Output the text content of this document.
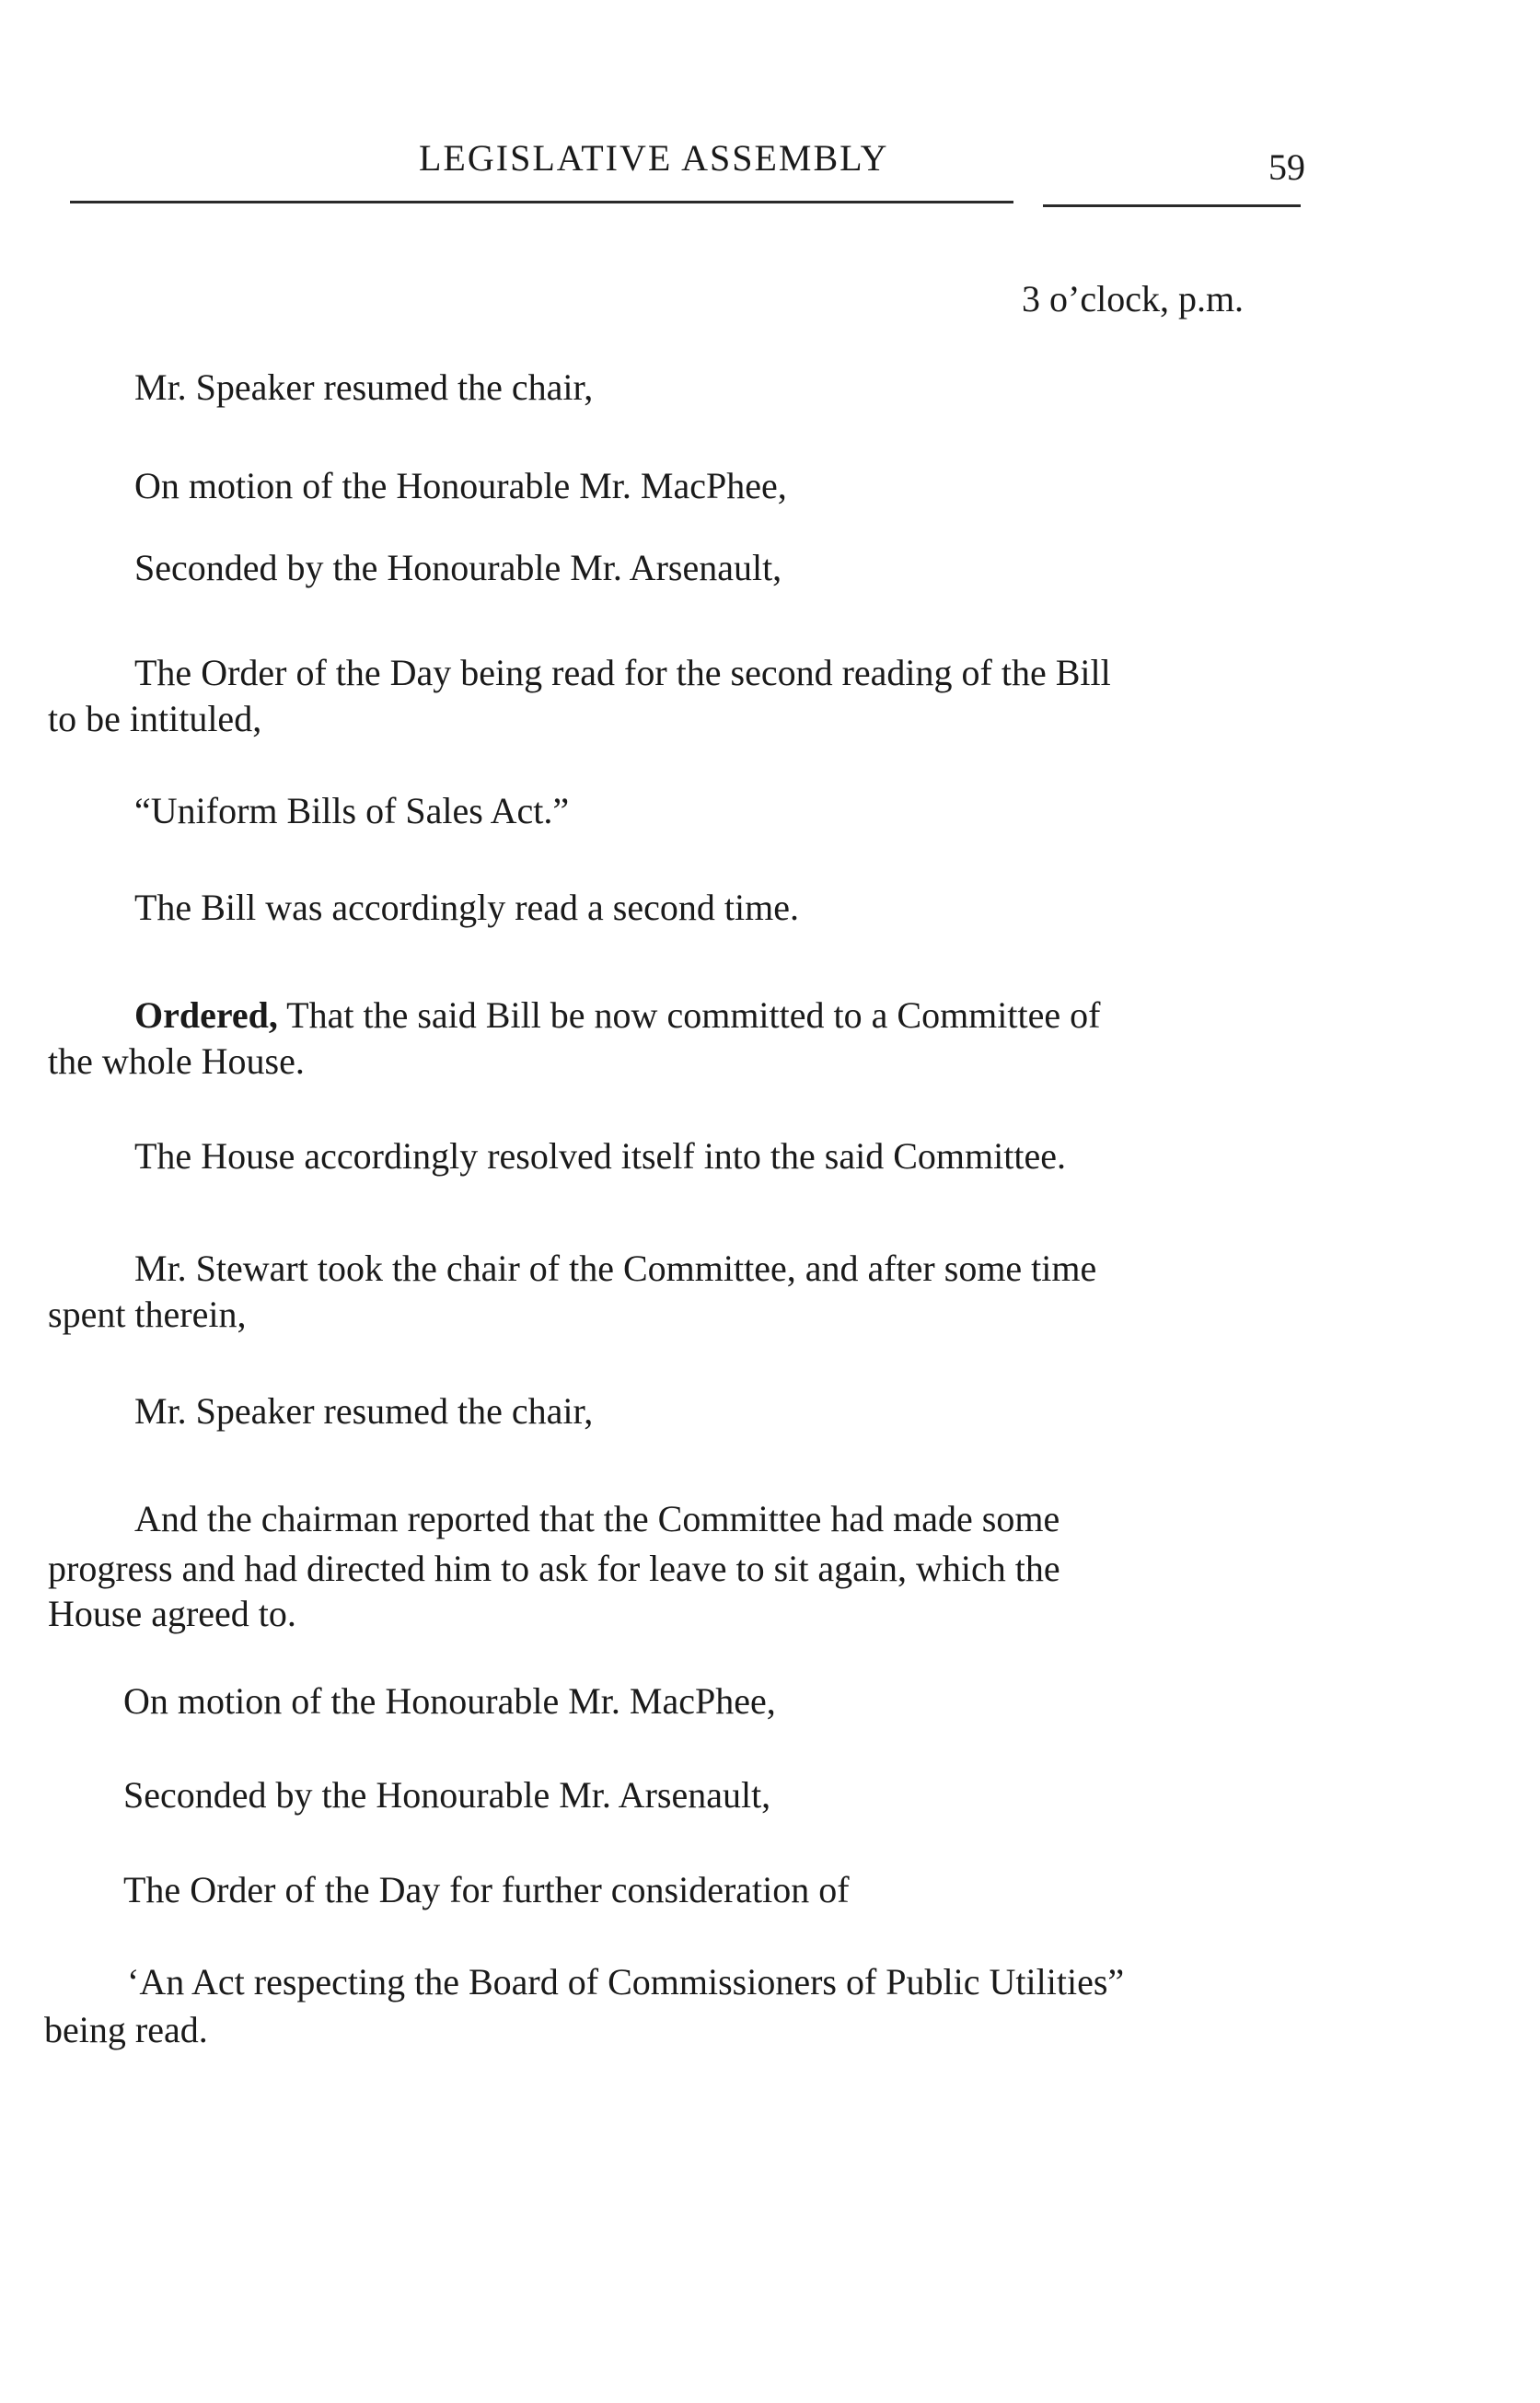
LEGISLATIVE ASSEMBLY	59

3 o’clock, p.m.

Mr. Speaker resumed the chair,

On motion of the Honourable Mr. MacPhee,

Seconded by the Honourable Mr. Arsenault,

The Order of the Day being read for the second reading of the Bill

to be intituled,

“Uniform Bills of Sales Act.”

The Bill was accordingly read a second time.

Ordered, That the said Bill be now committed to a Committee of

the whole House.

The House accordingly resolved itself into the said Committee.

Mr. Stewart took the chair of the Committee, and after some time

spent therein,

Mr. Speaker resumed the chair,

And the chairman reported that the Committee had made some

progress and had directed him to ask for leave to sit again, which the

House agreed to.

On motion of the Honourable Mr. MacPhee,

Seconded by the Honourable Mr. Arsenault,

The Order of the Day for further consideration of

‘An Act respecting the Board of Commissioners of Public Utilities”

being read.
